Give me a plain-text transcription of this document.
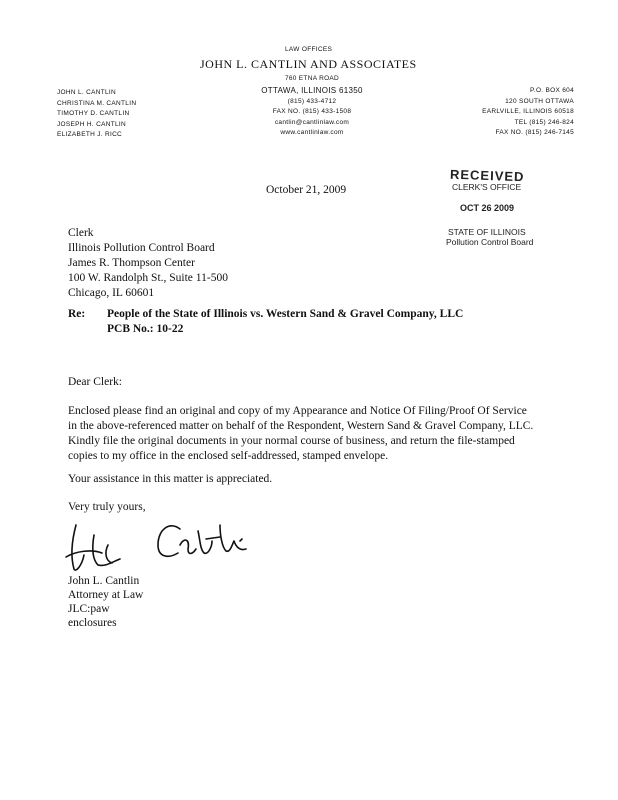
LAW OFFICES
JOHN L. CANTLIN AND ASSOCIATES
JOHN L. CANTLIN
CHRISTINA M. CANTLIN
TIMOTHY D. CANTLIN
JOSEPH H. CANTLIN
ELIZABETH J. RICC
760 ETNA ROAD
OTTAWA, ILLINOIS 61350
(815) 433-4712
FAX NO. (815) 433-1508
cantlin@cantlinlaw.com
www.cantlinlaw.com
P.O. BOX 604
120 SOUTH OTTAWA
EARLVILLE, ILLINOIS 60518
TEL (815) 246-824
FAX NO. (815) 246-7145
October 21, 2009
RECEIVED
CLERK'S OFFICE
OCT 26 2009
STATE OF ILLINOIS
Pollution Control Board
Clerk
Illinois Pollution Control Board
James R. Thompson Center
100 W. Randolph St., Suite 11-500
Chicago, IL 60601
Re: People of the State of Illinois vs. Western Sand & Gravel Company, LLC
PCB No.: 10-22
Dear Clerk:
Enclosed please find an original and copy of my Appearance and Notice Of Filing/Proof Of Service in the above-referenced matter on behalf of the Respondent, Western Sand & Gravel Company, LLC. Kindly file the original documents in your normal course of business, and return the file-stamped copies to my office in the enclosed self-addressed, stamped envelope.
Your assistance in this matter is appreciated.
Very truly yours,
John L. Cantlin
Attorney at Law
JLC:paw
enclosures
